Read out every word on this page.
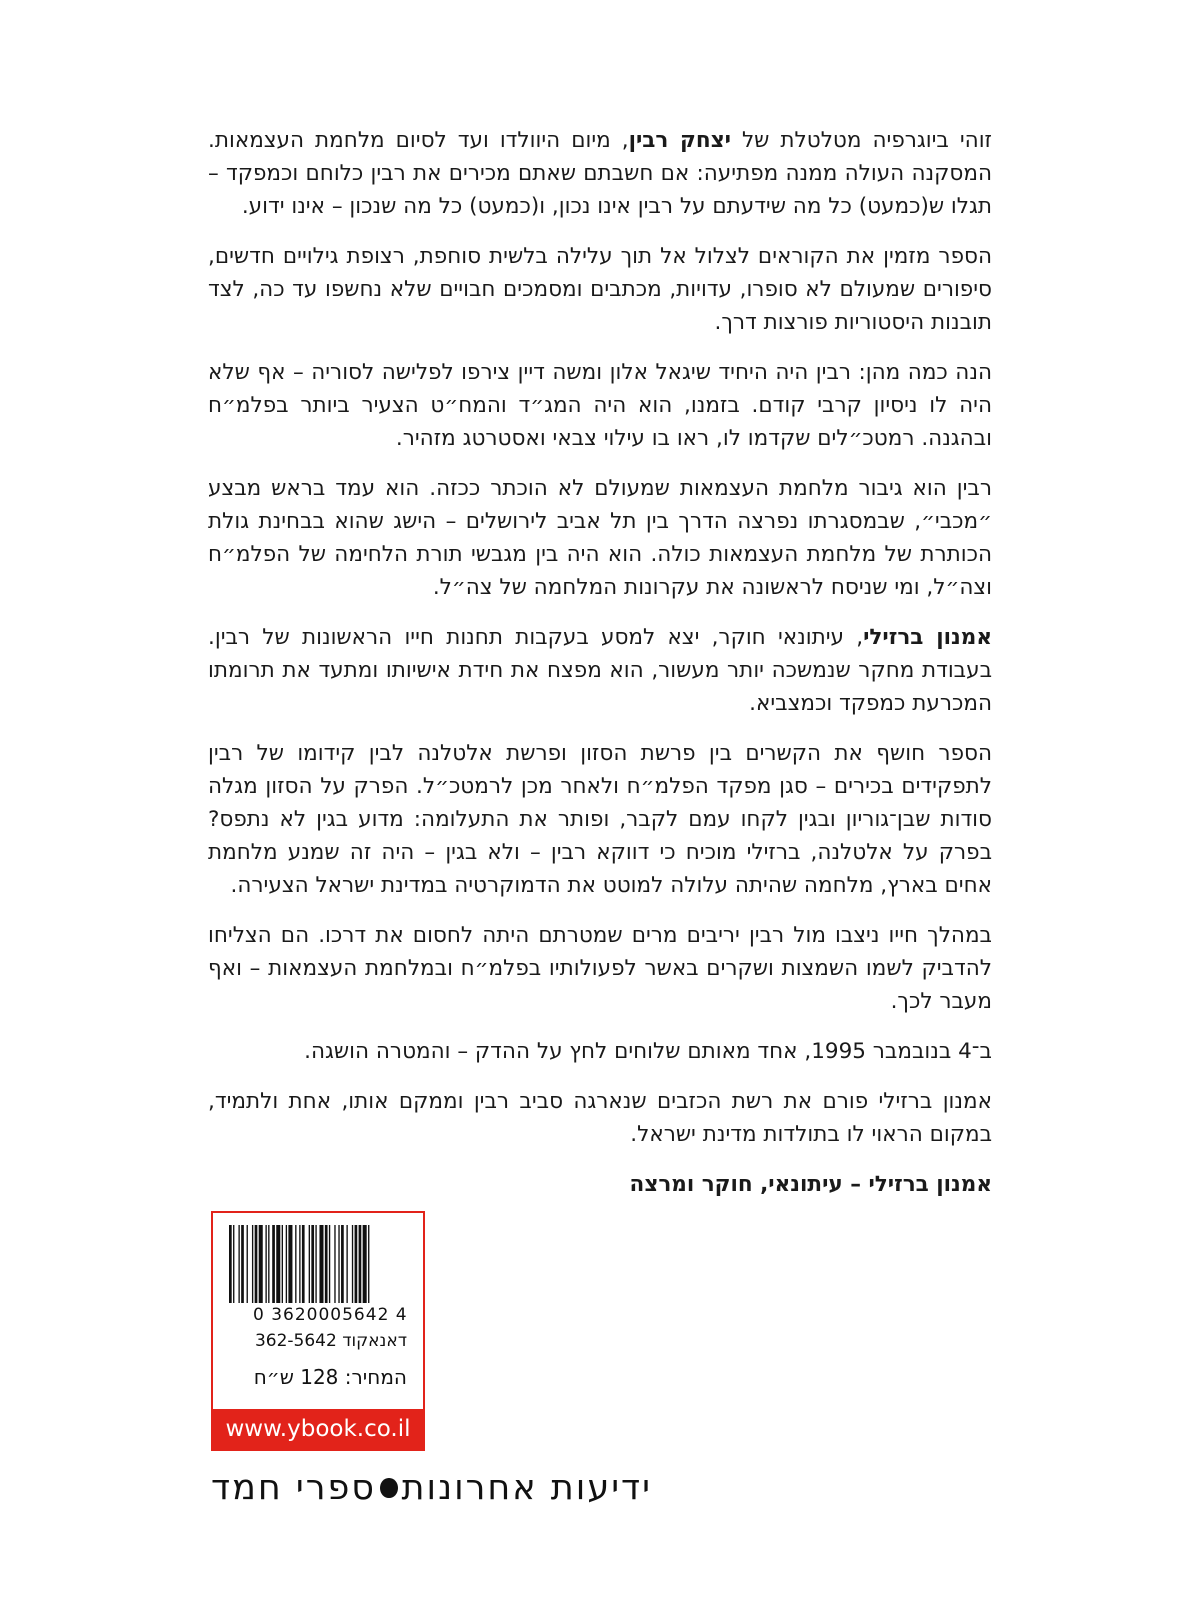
זוהי ביוגרפיה מטלטלת של יצחק רבין, מיום היוולדו ועד לסיום מלחמת העצמאות. המסקנה העולה ממנה מפתיעה: אם חשבתם שאתם מכירים את רבין כלוחם וכמפקד – תגלו ש(כמעט) כל מה שידעתם על רבין אינו נכון, ו(כמעט) כל מה שנכון – אינו ידוע.

הספר מזמין את הקוראים לצלול אל תוך עלילה בלשית סוחפת, רצופת גילויים חדשים, סיפורים שמעולם לא סופרו, עדויות, מכתבים ומסמכים חבויים שלא נחשפו עד כה, לצד תובנות היסטוריות פורצות דרך.

הנה כמה מהן: רבין היה היחיד שיגאל אלון ומשה דיין צירפו לפלישה לסוריה – אף שלא היה לו ניסיון קרבי קודם. בזמנו, הוא היה המג״ד והמח״ט הצעיר ביותר בפלמ״ח ובהגנה. רמטכ״לים שקדמו לו, ראו בו עילוי צבאי ואסטרטג מזהיר.

רבין הוא גיבור מלחמת העצמאות שמעולם לא הוכתר ככזה. הוא עמד בראש מבצע ״מכבי״, שבמסגרתו נפרצה הדרך בין תל אביב לירושלים – הישג שהוא בבחינת גולת הכותרת של מלחמת העצמאות כולה. הוא היה בין מגבשי תורת הלחימה של הפלמ״ח וצה״ל, ומי שניסח לראשונה את עקרונות המלחמה של צה״ל.

אמנון ברזילי, עיתונאי חוקר, יצא למסע בעקבות תחנות חייו הראשונות של רבין. בעבודת מחקר שנמשכה יותר מעשור, הוא מפצח את חידת אישיותו ומתעד את תרומתו המכרעת כמפקד וכמצביא.

הספר חושף את הקשרים בין פרשת הסזון ופרשת אלטלנה לבין קידומו של רבין לתפקידים בכירים – סגן מפקד הפלמ״ח ולאחר מכן לרמטכ״ל. הפרק על הסזון מגלה סודות שבן־גוריון ובגין לקחו עמם לקבר, ופותר את התעלומה: מדוע בגין לא נתפס? בפרק על אלטלנה, ברזילי מוכיח כי דווקא רבין – ולא בגין – היה זה שמנע מלחמת אחים בארץ, מלחמה שהיתה עלולה למוטט את הדמוקרטיה במדינת ישראל הצעירה.

במהלך חייו ניצבו מול רבין יריבים מרים שמטרתם היתה לחסום את דרכו. הם הצליחו להדביק לשמו השמצות ושקרים באשר לפעולותיו בפלמ״ח ובמלחמת העצמאות – ואף מעבר לכך.

ב־4 בנובמבר 1995, אחד מאותם שלוחים לחץ על ההדק – והמטרה הושגה.

אמנון ברזילי פורם את רשת הכזבים שנארגה סביב רבין וממקם אותו, אחת ולתמיד, במקום הראוי לו בתולדות מדינת ישראל.

אמנון ברזילי – עיתונאי, חוקר ומרצה

0 3620005642 4
דאנאקוד 362-5642
המחיר: 128 ש״ח
www.ybook.co.il
ידיעות אחרונות
ספרי חמד
